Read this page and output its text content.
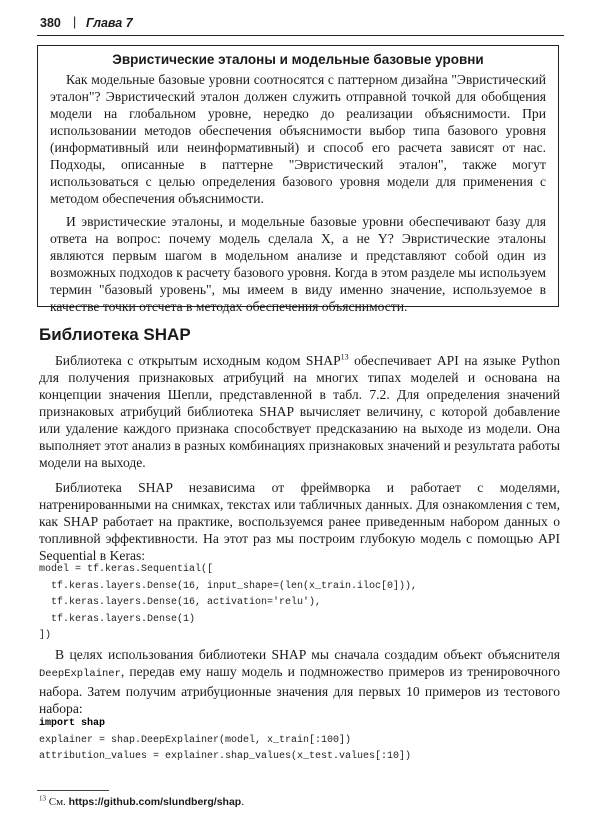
380 | Глава 7
Эвристические эталоны и модельные базовые уровни

Как модельные базовые уровни соотносятся с паттерном дизайна "Эвристический эталон"? Эвристический эталон должен служить отправной точкой для обобщения модели на глобальном уровне, нередко до реализации объяснимости. При использовании методов обеспечения объяснимости выбор типа базового уровня (информативный или неинформативный) и способ его расчета зависят от нас. Подходы, описанные в паттерне "Эвристический эталон", также могут использоваться с целью определения базового уровня модели для применения с методом обеспечения объяснимости.

И эвристические эталоны, и модельные базовые уровни обеспечивают базу для ответа на вопрос: почему модель сделала X, а не Y? Эвристические эталоны являются первым шагом в модельном анализе и представляют собой один из возможных подходов к расчету базового уровня. Когда в этом разделе мы используем термин "базовый уровень", мы имеем в виду именно значение, используемое в качестве точки отсчета в методах обеспечения объяснимости.

Библиотека SHAP

Библиотека с открытым исходным кодом SHAP$^{13}$ обеспечивает API на языке Python для получения признаковых атрибуций на многих типах моделей и основана на концепции значения Шепли, представленной в табл. 7.2. Для определения значений признаковых атрибуций библиотека SHAP вычисляет величину, с которой добавление или удаление каждого признака способствует предсказанию на выходе из модели. Она выполняет этот анализ в разных комбинациях признаковых значений и результата работы модели на выходе.

Библиотека SHAP независима от фреймворка и работает с моделями, натренированными на снимках, текстах или табличных данных. Для ознакомления с тем, как SHAP работает на практике, воспользуемся ранее приведенным набором данных о топливной эффективности. На этот раз мы построим глубокую модель с помощью API Sequential в Keras:

model = tf.keras.Sequential([
tf.keras.layers.Dense(16, input_shape=(len(x_train.iloc[0])),
tf.keras.layers.Dense(16, activation='relu'),
tf.keras.layers.Dense(1)
])

В целях использования библиотеки SHAP мы сначала создадим объект объяснителя DeepExplainer, передав ему нашу модель и подмножество примеров из тренировочного набора. Затем получим атрибуционные значения для первых 10 примеров из тестового набора:

import shap
explainer = shap.DeepExplainer(model, x_train[:100])
attribution_values = explainer.shap_values(x_test.values[:10])

$^{13}$ См. https://github.com/slundberg/shap.
